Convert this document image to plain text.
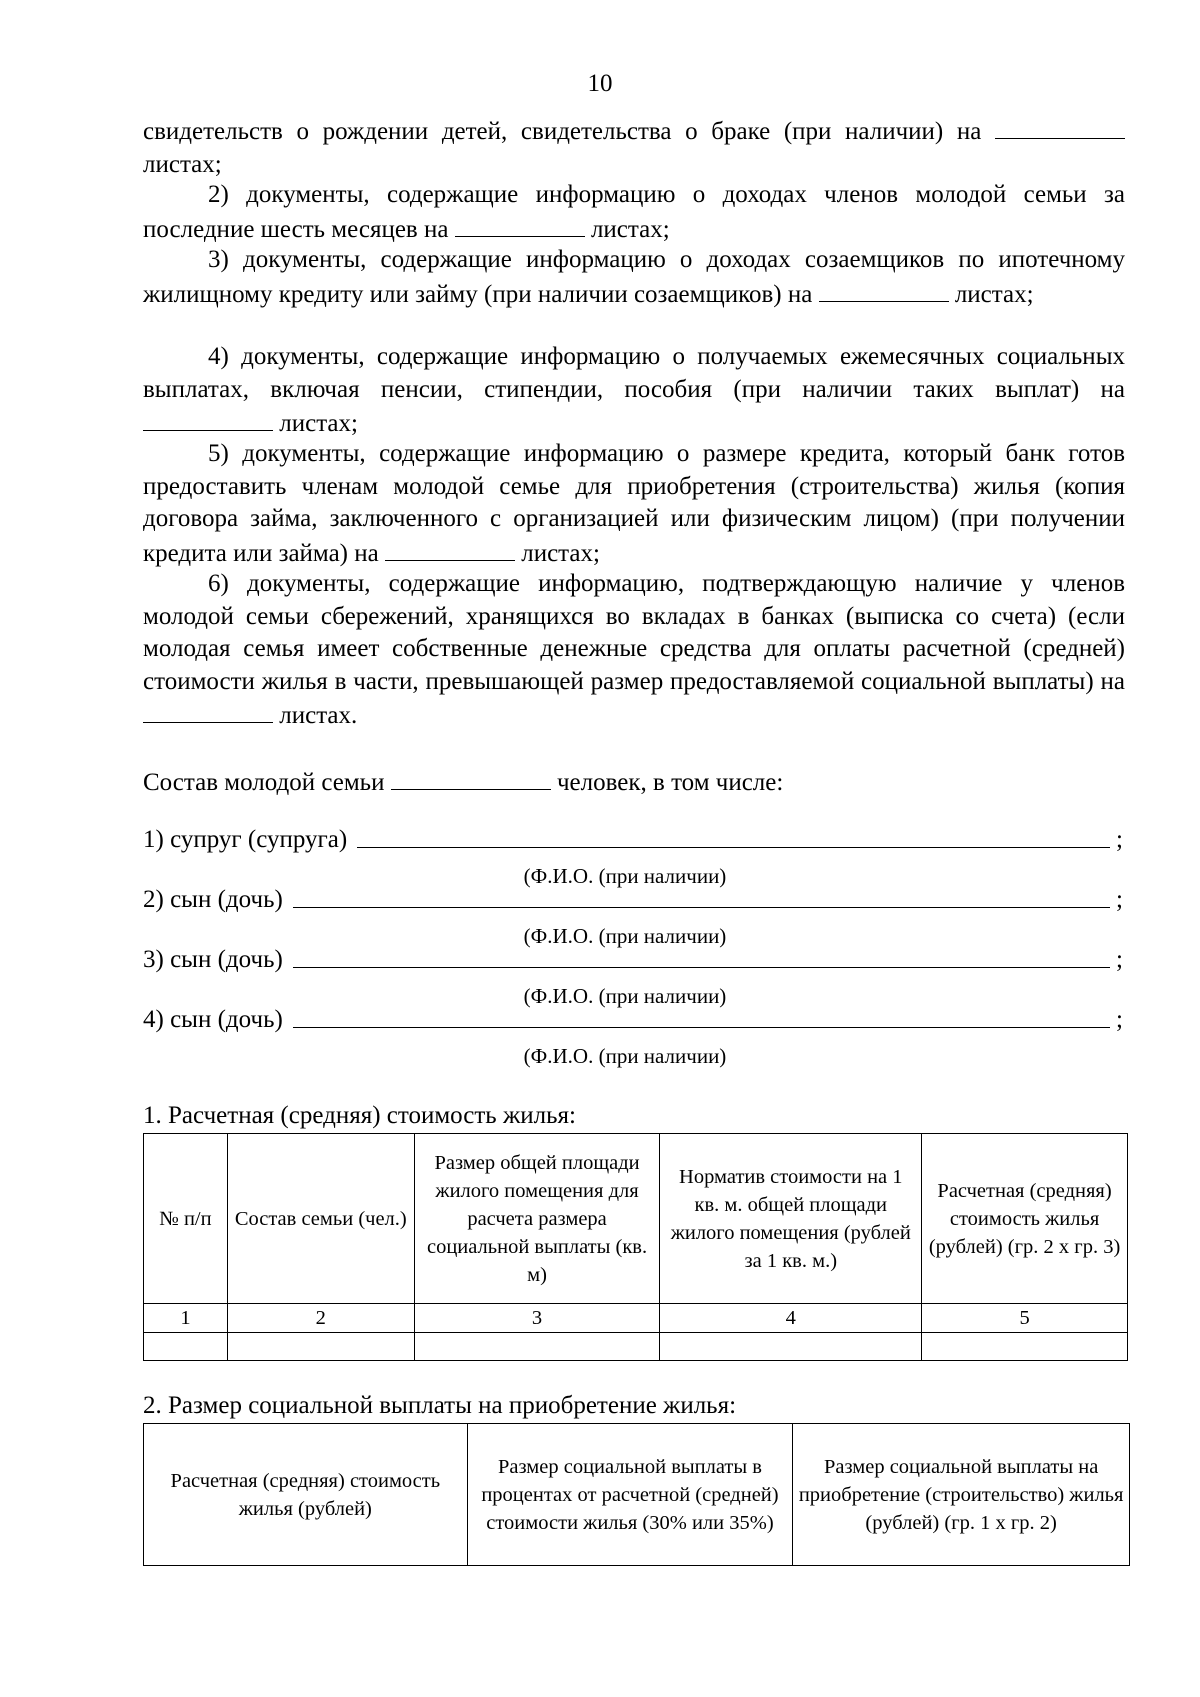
10
свидетельств о рождении детей, свидетельства о браке (при наличии) на  листах;
2) документы, содержащие информацию о доходах членов молодой семьи за последние шесть месяцев на	листах;
3) документы, содержащие информацию о доходах созаемщиков по ипотечному жилищному кредиту или займу (при наличии созаемщиков) на	листах;
4) документы, содержащие информацию о получаемых ежемесячных социальных выплатах, включая пенсии, стипендии, пособия (при наличии таких выплат) на  листах;
5) документы, содержащие информацию о размере кредита, который банк готов предоставить членам молодой семье для приобретения (строительства) жилья (копия договора займа, заключенного с организацией или физическим лицом) (при получении кредита или займа) на	листах;
6) документы, содержащие информацию, подтверждающую наличие у членов молодой семьи сбережений, хранящихся во вкладах в банках (выписка со счета) (если молодая семья имеет собственные денежные средства для оплаты расчетной (средней) стоимости жилья в части, превышающей размер предоставляемой социальной выплаты) на  листах.
Состав молодой семьи	человек, в том числе:
1) супруг (супруга)	;
(Ф.И.О. (при наличии)
2) сын (дочь)	;
(Ф.И.О. (при наличии)
3) сын (дочь)	;
(Ф.И.О. (при наличии)
4) сын (дочь)	;
(Ф.И.О. (при наличии)
1. Расчетная (средняя) стоимость жилья:
№ п/п	Состав семьи (чел.)	Размер общей площади жилого помещения для расчета размера социальной выплаты (кв. м)	Норматив стоимости на 1 кв. м. общей площади жилого помещения (рублей за 1 кв. м.)	Расчетная (средняя) стоимость жилья (рублей) (гр. 2 х гр. 3)
1	2	3	4	5

2. Размер социальной выплаты на приобретение жилья:
Расчетная (средняя) стоимость жилья (рублей)	Размер социальной выплаты в процентах от расчетной (средней) стоимости жилья (30% или 35%)	Размер социальной выплаты на приобретение (строительство) жилья (рублей) (гр. 1 х гр. 2)
